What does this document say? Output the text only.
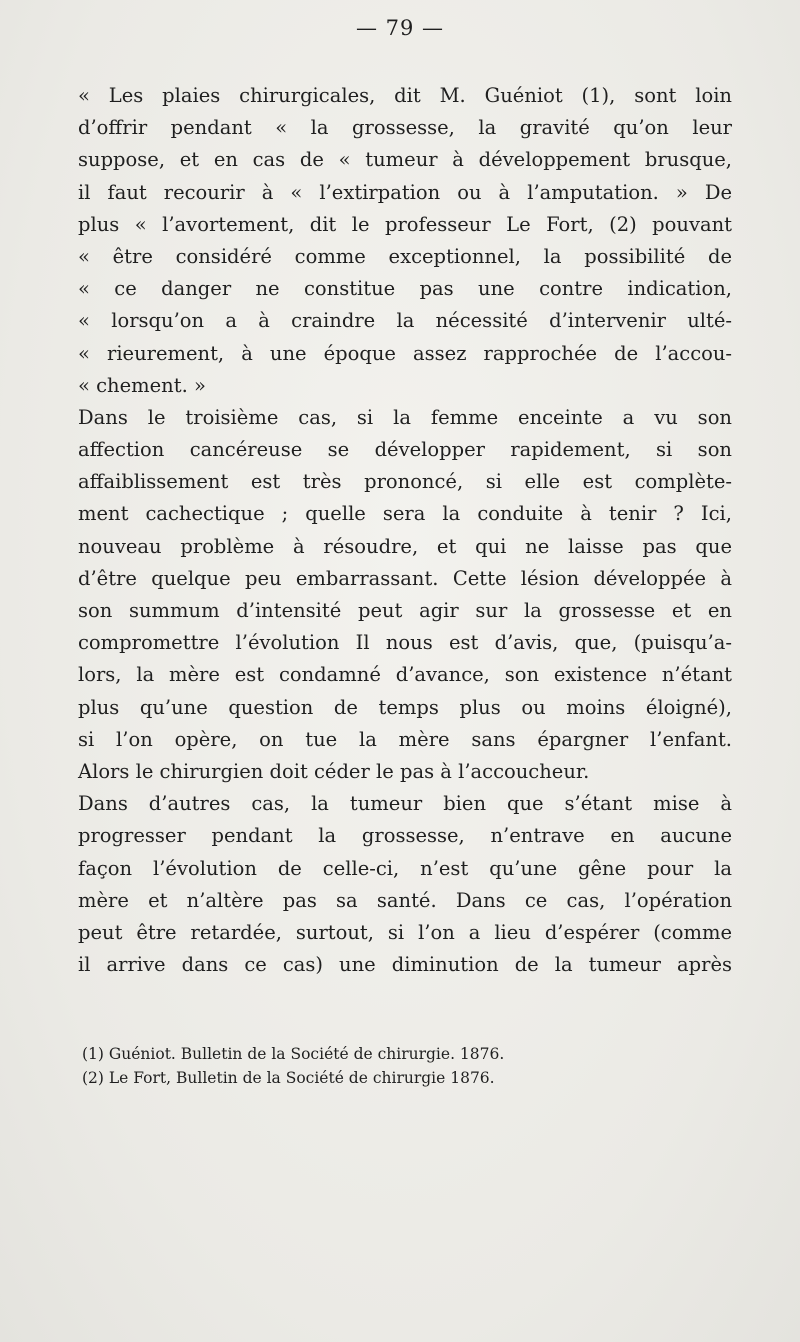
— 79 —
« Les plaies chirurgicales, dit M. Guéniot (1), sont loin
d’offrir pendant « la grossesse, la gravité qu’on leur
suppose, et en cas de « tumeur à développement brusque,
il faut recourir à « l’extirpation ou à l’amputation. » De
plus « l’avortement, dit le professeur Le Fort, (2) pouvant
« être considéré comme exceptionnel, la possibilité de
« ce danger ne constitue pas une contre indication,
« lorsqu’on a à craindre la nécessité d’intervenir ulté-
« rieurement, à une époque assez rapprochée de l’accou-
« chement. »
Dans le troisième cas, si la femme enceinte a vu son
affection cancéreuse se développer rapidement, si son
affaiblissement est très prononcé, si elle est complète-
ment cachectique ; quelle sera la conduite à tenir ? Ici,
nouveau problème à résoudre, et qui ne laisse pas que
d’être quelque peu embarrassant. Cette lésion développée à
son summum d’intensité peut agir sur la grossesse et en
compromettre l’évolution Il nous est d’avis, que, (puisqu’a-
lors, la mère est condamné d’avance, son existence n’étant
plus qu’une question de temps plus ou moins éloigné),
si l’on opère, on tue la mère sans épargner l’enfant.
Alors le chirurgien doit céder le pas à l’accoucheur.
Dans d’autres cas, la tumeur bien que s’étant mise à
progresser pendant la grossesse, n’entrave en aucune
façon l’évolution de celle-ci, n’est qu’une gêne pour la
mère et n’altère pas sa santé. Dans ce cas, l’opération
peut être retardée, surtout, si l’on a lieu d’espérer (comme
il arrive dans ce cas) une diminution de la tumeur après
(1) Guéniot. Bulletin de la Société de chirurgie. 1876.
(2) Le Fort, Bulletin de la Société de chirurgie 1876.
